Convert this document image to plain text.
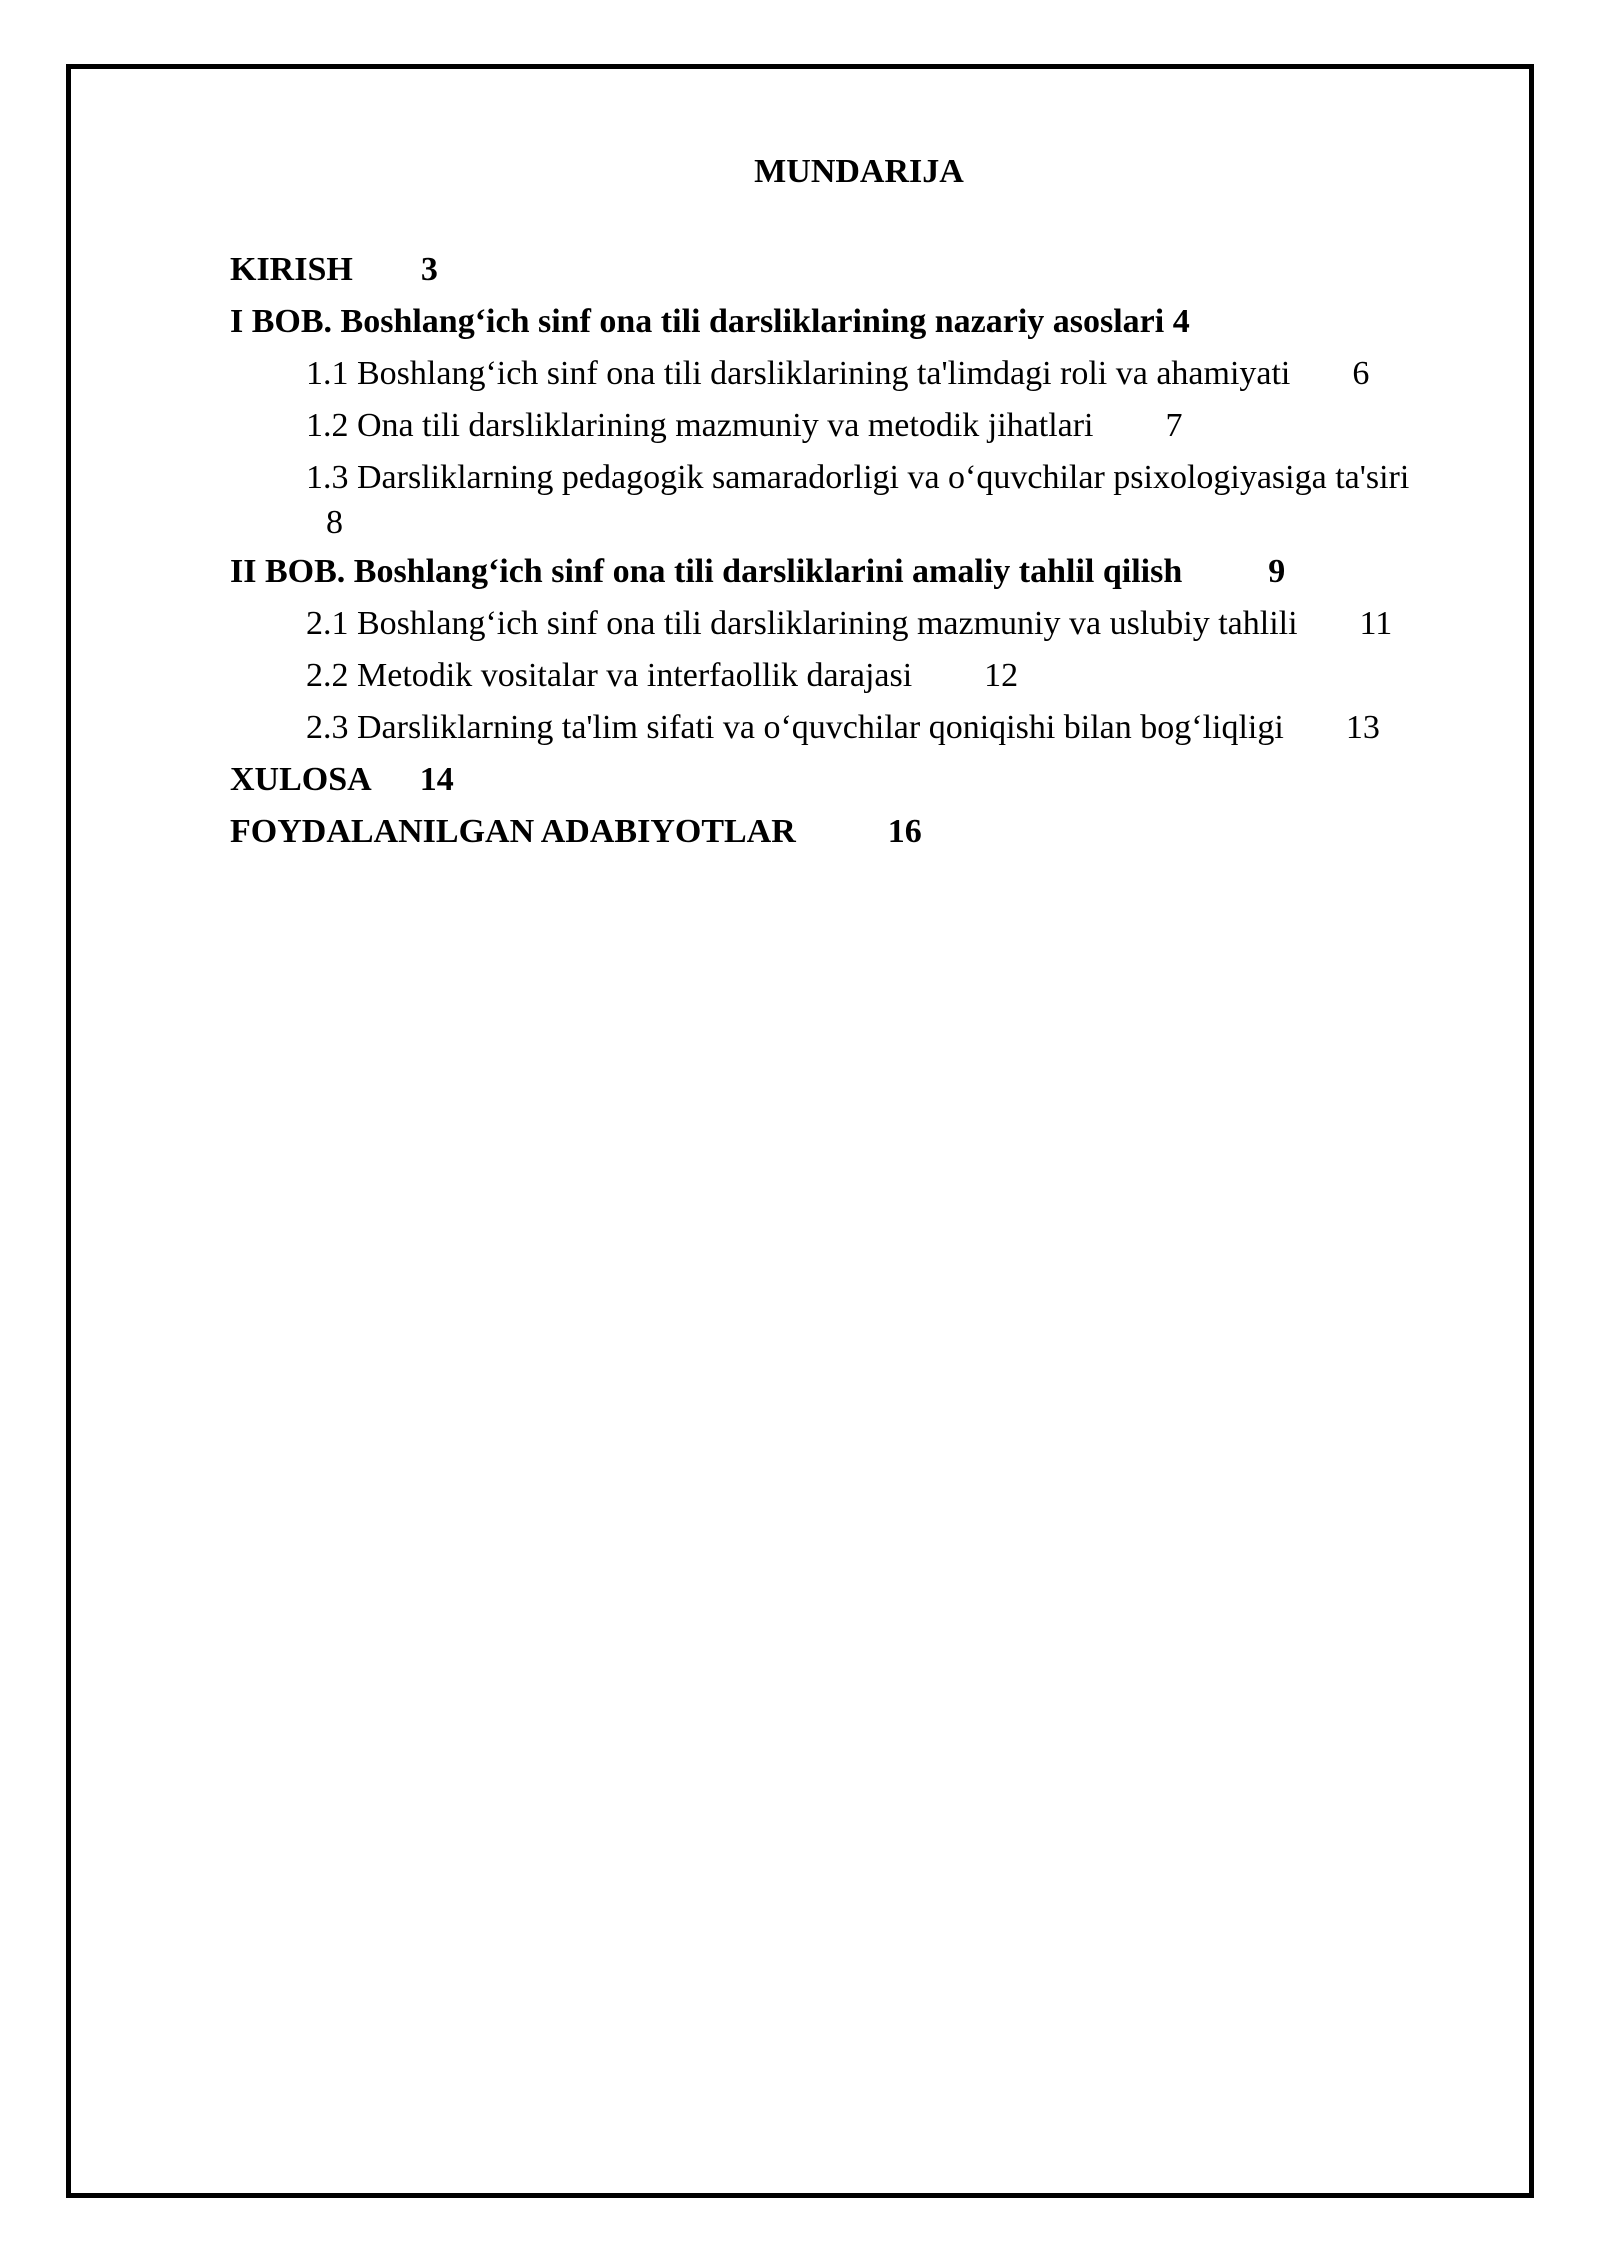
MUNDARIJA
KIRISH 3
I BOB. Boshlang‘ich sinf ona tili darsliklarining nazariy asoslari 4
1.1 Boshlang‘ich sinf ona tili darsliklarining ta'limdagi roli va ahamiyati 6
1.2 Ona tili darsliklarining mazmuniy va metodik jihatlari 7
1.3 Darsliklarning pedagogik samaradorligi va o‘quvchilar psixologiyasiga ta'siri
8
II BOB. Boshlang‘ich sinf ona tili darsliklarini amaliy tahlil qilish	9
2.1 Boshlang‘ich sinf ona tili darsliklarining mazmuniy va uslubiy tahlili 11
2.2 Metodik vositalar va interfaollik darajasi 12
2.3 Darsliklarning ta'lim sifati va o‘quvchilar qoniqishi bilan bog‘liqligi 13
XULOSA 14
FOYDALANILGAN ADABIYOTLAR	16
